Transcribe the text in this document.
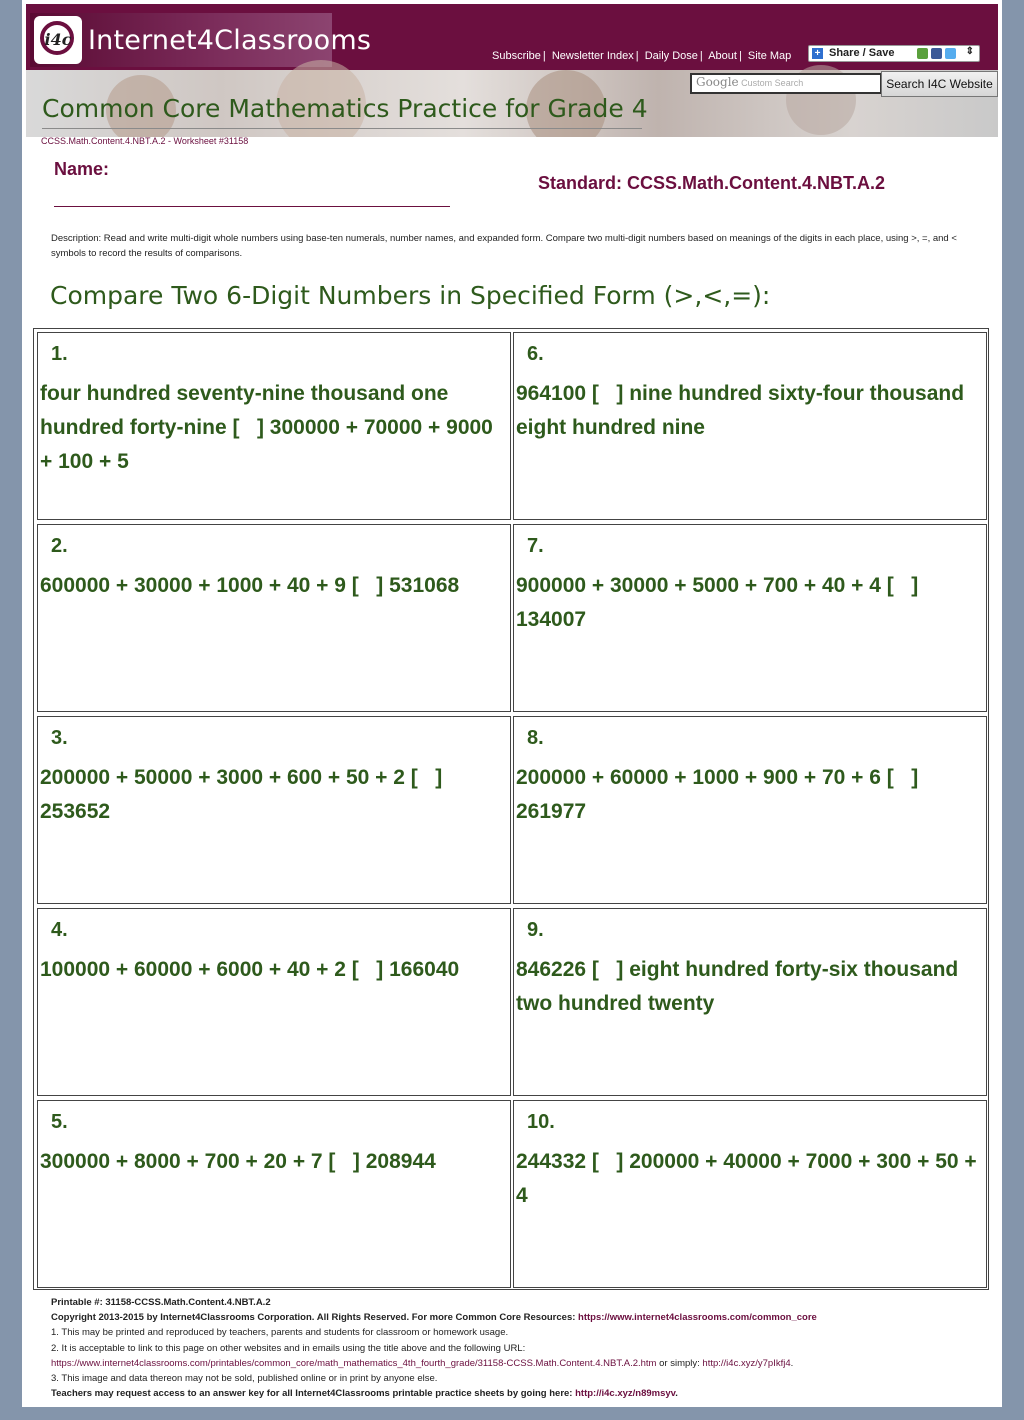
i4c Internet4Classrooms	Subscribe | Newsletter Index | Daily Dose | About | Site Map + Share / Save	⇕
Google Custom Search	Search I4C Website
Common Core Mathematics Practice for Grade 4
CCSS.Math.Content.4.NBT.A.2 - Worksheet #31158
Name:
Standard: CCSS.Math.Content.4.NBT.A.2
Description: Read and write multi-digit whole numbers using base-ten numerals, number names, and expanded form. Compare two multi-digit numbers based on meanings of the digits in each place, using >, =, and < symbols to record the results of comparisons.
Compare Two 6-Digit Numbers in Specified Form (>,<,=):
1.
four hundred seventy-nine thousand one hundred forty-nine [   ] 300000 + 70000 + 9000 + 100 + 5
2.
600000 + 30000 + 1000 + 40 + 9 [   ] 531068
3.
200000 + 50000 + 3000 + 600 + 50 + 2 [   ] 253652
4.
100000 + 60000 + 6000 + 40 + 2 [   ] 166040
5.
300000 + 8000 + 700 + 20 + 7 [   ] 208944
6.
964100 [   ] nine hundred sixty-four thousand eight hundred nine
7.
900000 + 30000 + 5000 + 700 + 40 + 4 [   ] 134007
8.
200000 + 60000 + 1000 + 900 + 70 + 6 [   ] 261977
9.
846226 [   ] eight hundred forty-six thousand two hundred twenty
10.
244332 [   ] 200000 + 40000 + 7000 + 300 + 50 + 4
Printable #: 31158-CCSS.Math.Content.4.NBT.A.2
Copyright 2013-2015 by Internet4Classrooms Corporation. All Rights Reserved. For more Common Core Resources: https://www.internet4classrooms.com/common_core
1. This may be printed and reproduced by teachers, parents and students for classroom or homework usage.
2. It is acceptable to link to this page on other websites and in emails using the title above and the following URL:
https://www.internet4classrooms.com/printables/common_core/math_mathematics_4th_fourth_grade/31158-CCSS.Math.Content.4.NBT.A.2.htm or simply: http://i4c.xyz/y7pIkfj4.
3. This image and data thereon may not be sold, published online or in print by anyone else.
Teachers may request access to an answer key for all Internet4Classrooms printable practice sheets by going here: http://i4c.xyz/n89msyv.
